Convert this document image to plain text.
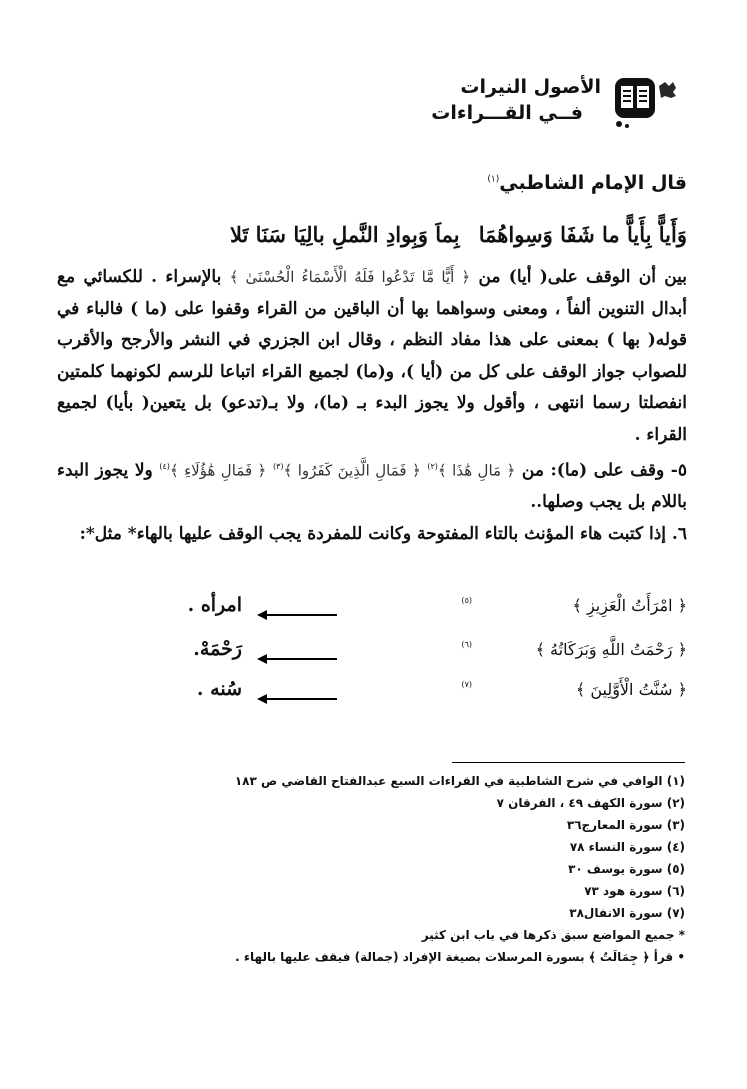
الأصول النيرات
فــي القـــراءات
قال الإمام الشاطبي$^{(١)}$
وَأَياًّ بِأَياًّ ما شَفَا وَسِواهُمَا
بِماَ وَبِوادِ النَّملِ بالِيَا سَنَا تَلا

بين أن الوقف على( أيا) من ﴿ أَيًّا مَّا تَدْعُوا فَلَهُ الْأَسْمَاءُ الْحُسْنَىٰ ﴾ بالإسراء . للكسائي مع أبدال التنوين ألفاً ، ومعنى وسواهما بها أن الباقين من القراء وقفوا على (ما ) فالباء في قوله( بها ) بمعنى على هذا مفاد النظم ، وقال ابن الجزري في النشر والأرجح والأقرب للصواب جواز الوقف على كل من (أيا )، و(ما) لجميع القراء اتباعا للرسم لكونهما كلمتين انفصلتا رسما انتهى ، وأقول ولا يجوز البدء بـ (ما)، ولا بـ(تدعو) بل يتعين( بأيا) لجميع القراء .

٥- وقف على (ما): من ﴿ مَالِ هَٰذَا ﴾$^{(٢)}$ ﴿ فَمَالِ الَّذِينَ كَفَرُوا ﴾$^{(٣)}$ ﴿ فَمَالِ هَٰؤُلَاءِ ﴾$^{(٤)}$ ولا يجوز البدء باللام بل يجب وصلها..

٦. إذا كتبت هاء المؤنث بالتاء المفتوحة وكانت للمفردة يجب الوقف عليها بالهاء* مثل*:

﴿ امْرَأَتُ الْعَزِيزِ ﴾
(٥)
امرأه .
﴿ رَحْمَتُ اللَّهِ وَبَرَكَاتُهُ ﴾
(٦)
رَحْمَهْ.
﴿ سُنَّتُ الْأَوَّلِينَ ﴾
(٧)
سُنه .
(١) الوافي في شرح الشاطبية في القراءات السبع عبدالفتاح القاضي ص ١٨٣
(٢) سورة الكهف ٤٩ ، الفرقان ٧
(٣) سورة المعارج٣٦
(٤) سورة النساء ٧٨
(٥) سورة يوسف ٣٠
(٦) سورة هود ٧٣
(٧) سورة الانفال٣٨
* جميع المواضع سبق ذكرها في باب ابن كثير
• قرأ ﴿ جِمَالَتٌ ﴾ بسورة المرسلات بصيغة الإفراد (جمالة) فيقف عليها بالهاء .
